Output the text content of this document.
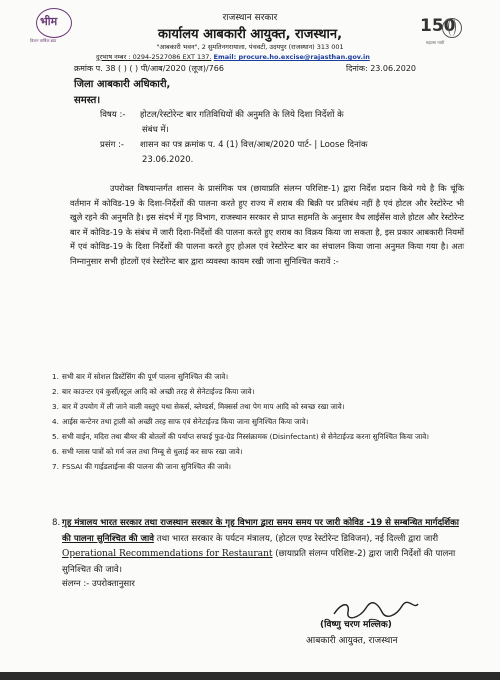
भीम
विजन वार्षिक ब्रांड
150
महात्मा गांधी
राजस्थान सरकार
कार्यालय आबकारी आयुक्त, राजस्थान,
"आबकारी भवन", 2 सुमतिनगरायाला, पंचवटी, उदयपुर (राजस्थान) 313 001
दूरभाष नम्बर : 0294-2527086 EXT 137. Email: procure.ho.excise@rajasthan.gov.in
क्रमांक प. 38 ( ) ( ) पी/आब/2020 (लूज)/766	दिनांक: 23.06.2020
जिला आबकारी अधिकारी,
समस्त।
विषय :- होटल/रेस्टोरेन्ट बार गतिविधियों की अनुमति के लिये दिशा निर्देशों के
संबंध में।
प्रसंग :- शासन का पत्र क्रमांक प. 4 (1) वित्त/आब/2020 पार्ट- | Loose दिनांक
23.06.2020.

उपरोक्त विषयान्तर्गत शासन के प्रासंगिक पत्र (छायाप्रति संलग्न परिशिष्ट-1) द्वारा निर्देश प्रदान किये गये है कि चूंकि वर्तमान में कोविड-19 के दिशा-निर्देशों की पालना करते हुए राज्य में शराब की बिक्री पर प्रतिबंध नहीं है एवं होटल और रेस्टोरेन्ट भी खुले रहने की अनुमति है। इस संदर्भ में गृह विभाग, राजस्थान सरकार से प्राप्त सहमति के अनुसार वैध लाईसेंस वाले होटल और रेस्टोरेन्ट बार में कोविड-19 के संबंध में जारी दिशा-निर्देशों की पालना करते हुए शराब का विक्रय किया जा सकता है, इस प्रकार आबकारी नियमों में एवं कोविड-19 के दिशा निर्देशों की पालना करते हुए होअल एवं रेस्टोरेन्ट बार का संचालन किया जाना अनुमत किया गया है। अतः निम्नानुसार सभी होटलों एवं रेस्टोरेन्ट बार द्वारा व्यवस्था कायम रखी जाना सुनिश्चित करावें :-

1. सभी बार में सोशल डिस्टेंसिंग की पूर्ण पालना सुनिश्चित की जावे।
2. बार काउन्टर एवं कुर्सी/स्टूल आदि को अच्छी तरह से सेनेटाईज्ड किया जावे।
3. बार में उपयोग में ली जाने वाली वस्तुएं यथा सेकर्स, ब्लेण्डर्स, मिक्सर्स तथा पेग माप आदि को स्वच्छ रखा जावे।
4. आईस कन्टेनर तथा ट्राली को अच्छी तरह साफ एवं सेनेटाईज्ड किया जाना सुनिश्चित किया जावे।
5. सभी वाईन, मदिरा तथा बीयर की बोतलों की पर्याप्त सफाई फुड-ग्रेड निस्संक्रामक (Disinfectant) से सेनेटाईज्ड करना सुनिश्चित किया जावे।
6. सभी ग्लास पात्रों को गर्म जल तथा निम्बू से धुलाई कर साफ रखा जावे।
7. FSSAI की गाईडलाईन्स की पालना की जाना सुनिश्चित की जावे।
8. गृह मंत्रालय भारत सरकार तथा राजस्थान सरकार के गृह विभाग द्वारा समय समय पर जारी कोविड -19 से सम्बन्धित मार्गदर्शिका की पालना सुनिश्चित की जावे तथा भारत सरकार के पर्यटन मंत्रालय, (होटल एण्ड रेस्टोरेन्ट डिविजन), नई दिल्ली द्वारा जारी Operational Recommendations for Restaurant (छायाप्रति संलग्न परिशिष्ट-2) द्वारा जारी निर्देशों की पालना सुनिश्चित की जावे।
संलग्न :- उपरोक्तानुसार
(विष्णु चरण मल्लिक)
आबकारी आयुक्त, राजस्थान
